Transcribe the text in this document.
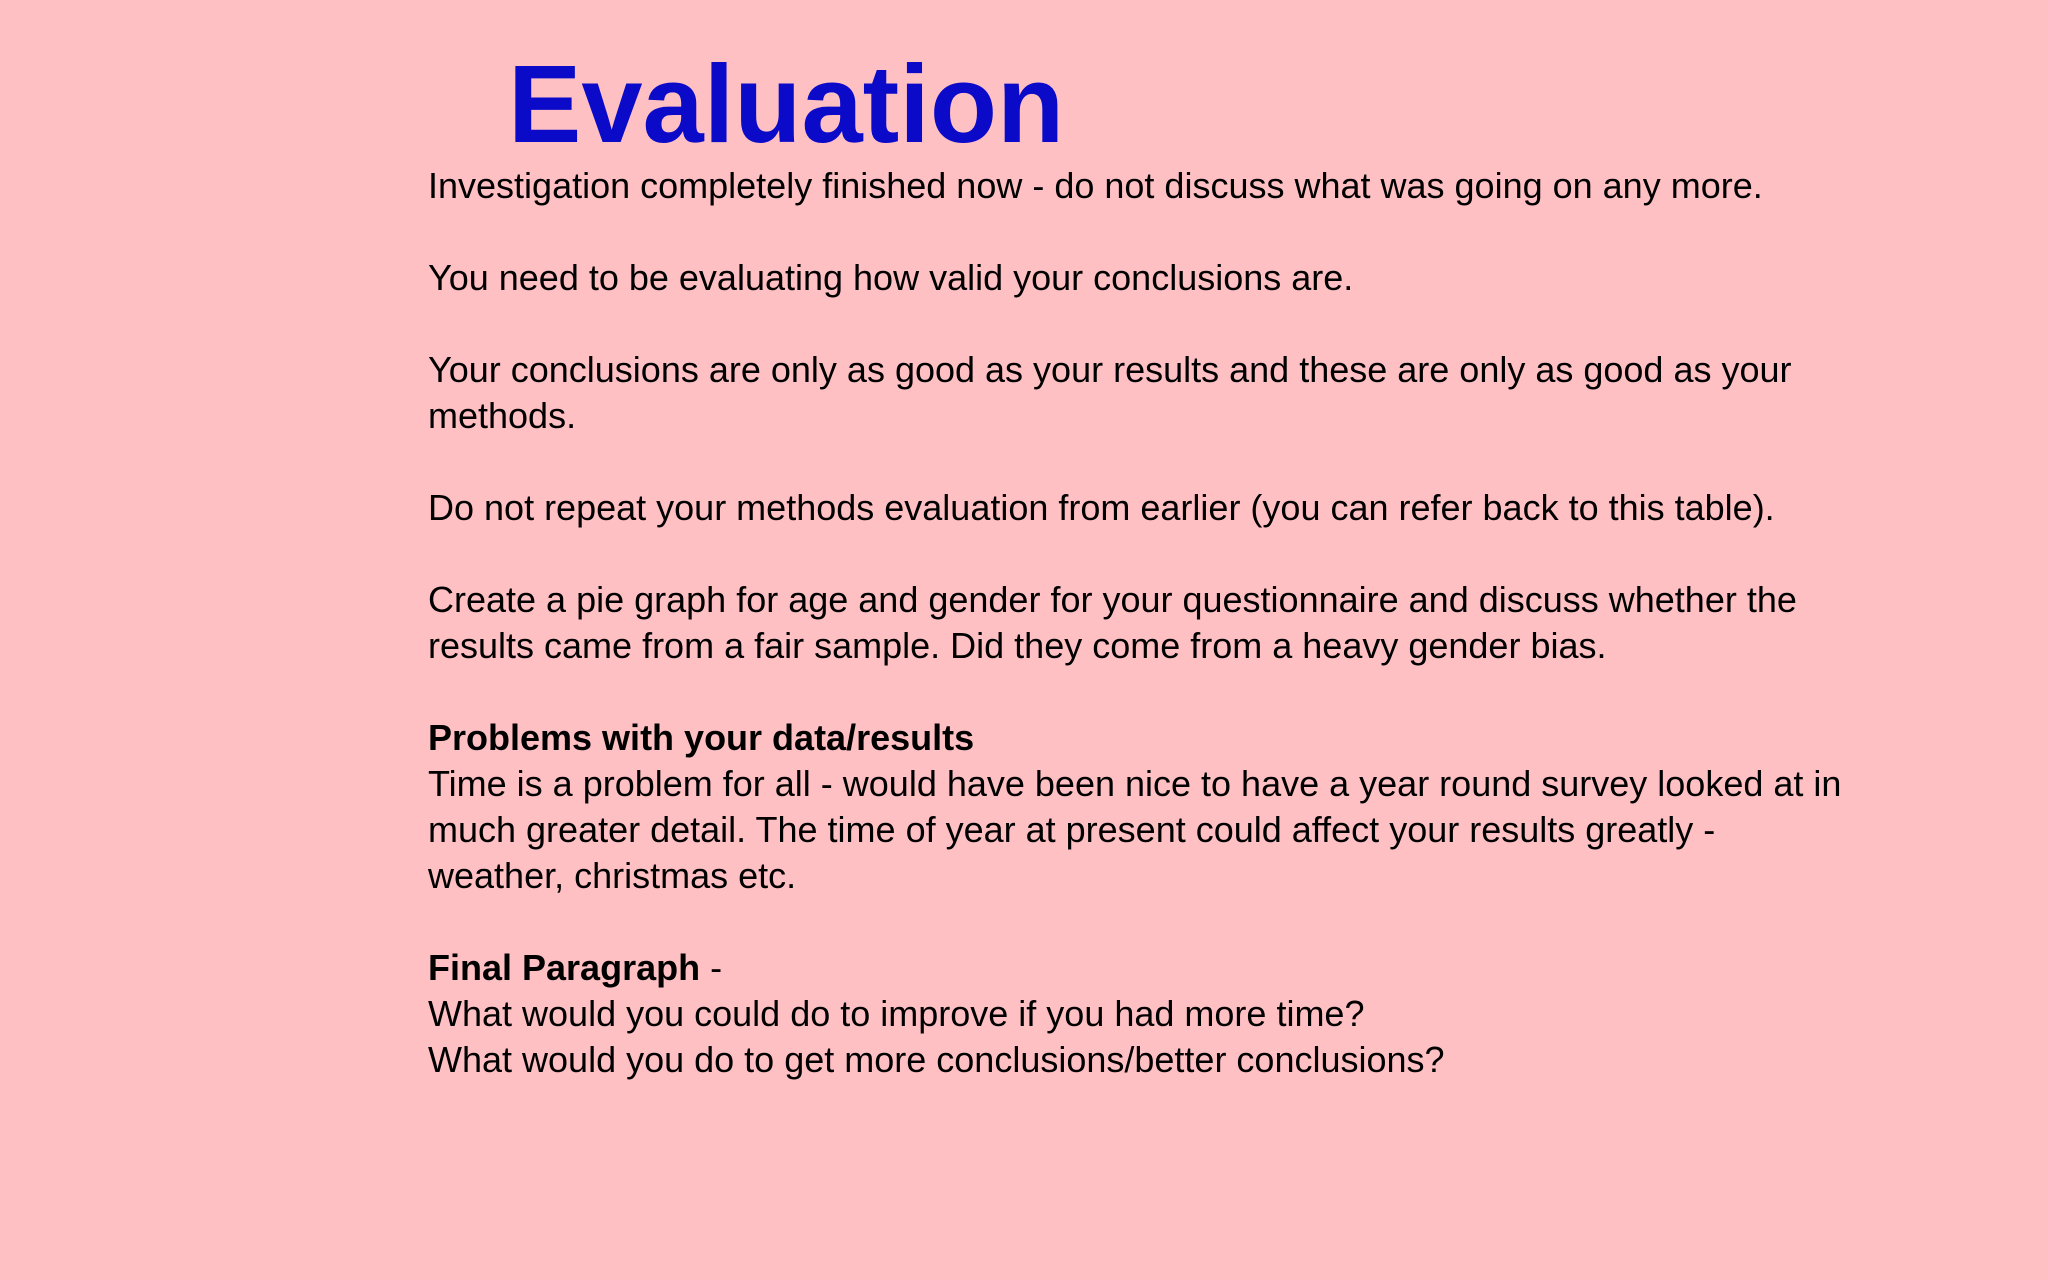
Evaluation

Investigation completely finished now - do not discuss what was going on any more.

You need to be evaluating how valid your conclusions are.

Your conclusions are only as good as your results and these are only as good as your
methods.

Do not repeat your methods evaluation from earlier (you can refer back to this table).

Create a pie graph for age and gender for your questionnaire and discuss whether the
results came from a fair sample. Did they come from a heavy gender bias.

Problems with your data/results
Time is a problem for all - would have been nice to have a year round survey looked at in
much greater detail. The time of year at present could affect your results greatly -
weather, christmas etc.

Final Paragraph -
What would you could do to improve if you had more time?
What would you do to get more conclusions/better conclusions?
